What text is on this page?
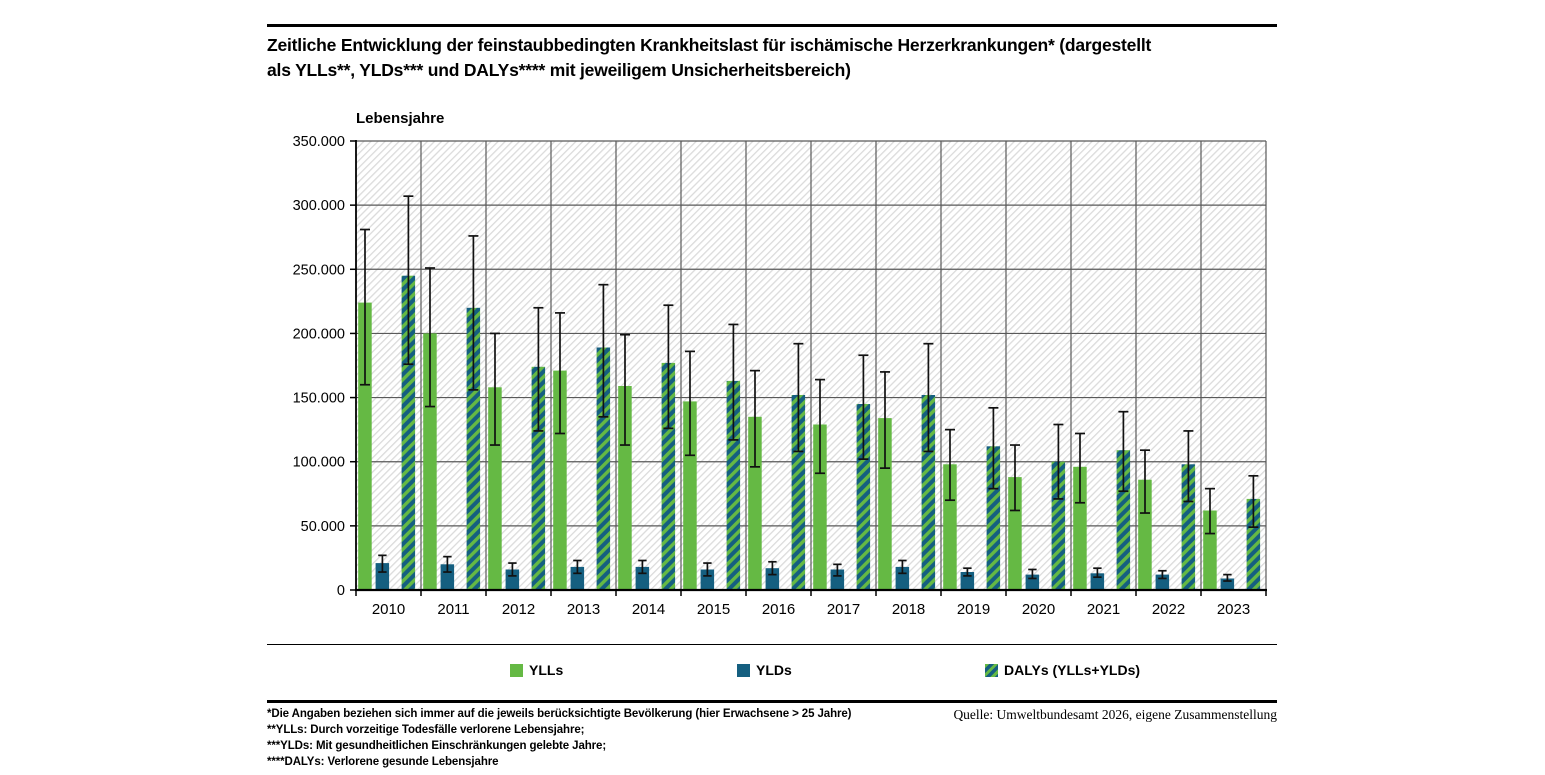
Zeitliche Entwicklung der feinstaubbedingten Krankheitslast für ischämische Herzerkrankungen* (dargestellt
als YLLs**, YLDs*** und DALYs**** mit jeweiligem Unsicherheitsbereich)
Lebensjahre
0
50.000
100.000
150.000
200.000
250.000
300.000
350.000
2010 2011 2012 2013 2014 2015 2016 2017 2018 2019 2020 2021 2022 2023
YLLs	YLDs	DALYs (YLLs+YLDs)
*Die Angaben beziehen sich immer auf die jeweils berücksichtigte Bevölkerung (hier Erwachsene > 25 Jahre)
**YLLs: Durch vorzeitige Todesfälle verlorene Lebensjahre;
***YLDs: Mit gesundheitlichen Einschränkungen gelebte Jahre;
****DALYs: Verlorene gesunde Lebensjahre
Quelle: Umweltbundesamt 2026, eigene Zusammenstellung
